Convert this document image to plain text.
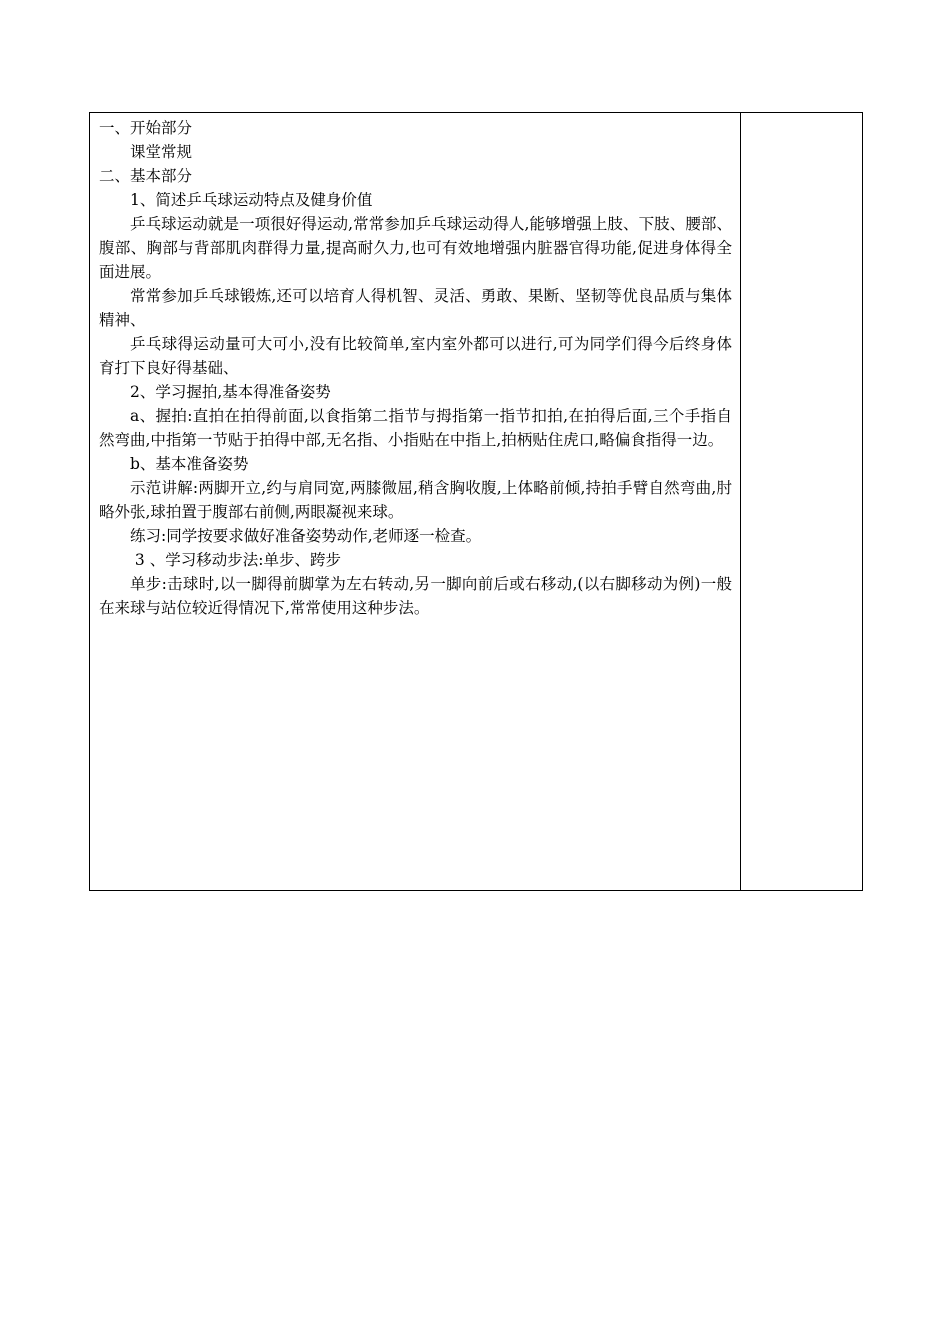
一、开始部分

课堂常规

二、基本部分

1、简述乒乓球运动特点及健身价值

乒乓球运动就是一项很好得运动,常常参加乒乓球运动得人,能够增强上肢、下肢、腰部、腹部、胸部与背部肌肉群得力量,提高耐久力,也可有效地增强内脏器官得功能,促进身体得全面进展。

常常参加乒乓球锻炼,还可以培育人得机智、灵活、勇敢、果断、坚韧等优良品质与集体精神、

乒乓球得运动量可大可小,没有比较简单,室内室外都可以进行,可为同学们得今后终身体育打下良好得基础、

2、学习握拍,基本得准备姿势

a、握拍:直拍在拍得前面,以食指第二指节与拇指第一指节扣拍,在拍得后面,三个手指自然弯曲,中指第一节贴于拍得中部,无名指、小指贴在中指上,拍柄贴住虎口,略偏食指得一边。

b、基本准备姿势

示范讲解:两脚开立,约与肩同宽,两膝微屈,稍含胸收腹,上体略前倾,持拍手臂自然弯曲,肘略外张,球拍置于腹部右前侧,两眼凝视来球。

练习:同学按要求做好准备姿势动作,老师逐一检查。

3 、学习移动步法:单步、跨步

单步:击球时,以一脚得前脚掌为左右转动,另一脚向前后或右移动,(以右脚移动为例)一般在来球与站位较近得情况下,常常使用这种步法。
